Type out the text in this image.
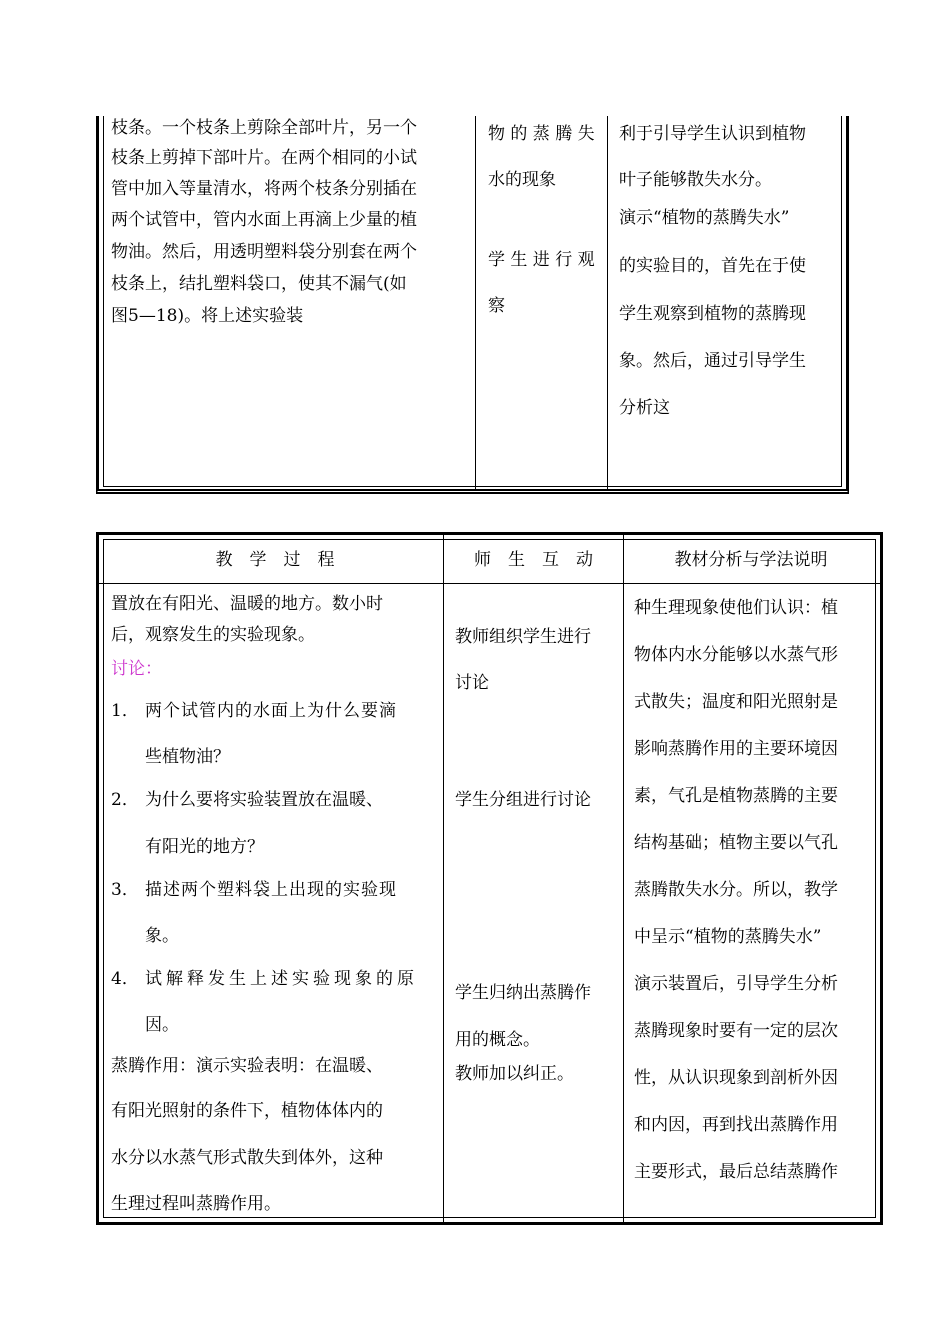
枝条。一个枝条上剪除全部叶片，另一个
枝条上剪掉下部叶片。在两个相同的小试
管中加入等量清水，将两个枝条分别插在
两个试管中，管内水面上再滴上少量的植
物油。然后，用透明塑料袋分别套在两个
枝条上，结扎塑料袋口，使其不漏气(如
图5—18)。将上述实验装
物 的 蒸 腾 失
水的现象
学 生 进 行 观
察
利于引导学生认识到植物
叶子能够散失水分。
演示“植物的蒸腾失水”
的实验目的，首先在于使
学生观察到植物的蒸腾现
象。然后，通过引导学生
分析这
教　学　过　程	师　生　互　动	教材分析与学法说明
置放在有阳光、温暖的地方。数小时
后，观察发生的实验现象。
讨论：
1． 两个试管内的水面上为什么要滴
些植物油？
2． 为什么要将实验装置放在温暖、
有阳光的地方？
3． 描述两个塑料袋上出现的实验现
象。
4． 试解释发生上述实验现象的原
因。
蒸腾作用：演示实验表明：在温暖、
有阳光照射的条件下，植物体体内的
水分以水蒸气形式散失到体外，这种
生理过程叫蒸腾作用。
教师组织学生进行
讨论
学生分组进行讨论
学生归纳出蒸腾作
用的概念。
教师加以纠正。
种生理现象使他们认识：植
物体内水分能够以水蒸气形
式散失；温度和阳光照射是
影响蒸腾作用的主要环境因
素，气孔是植物蒸腾的主要
结构基础；植物主要以气孔
蒸腾散失水分。所以，教学
中呈示“植物的蒸腾失水”
演示装置后，引导学生分析
蒸腾现象时要有一定的层次
性，从认识现象到剖析外因
和内因，再到找出蒸腾作用
主要形式，最后总结蒸腾作
